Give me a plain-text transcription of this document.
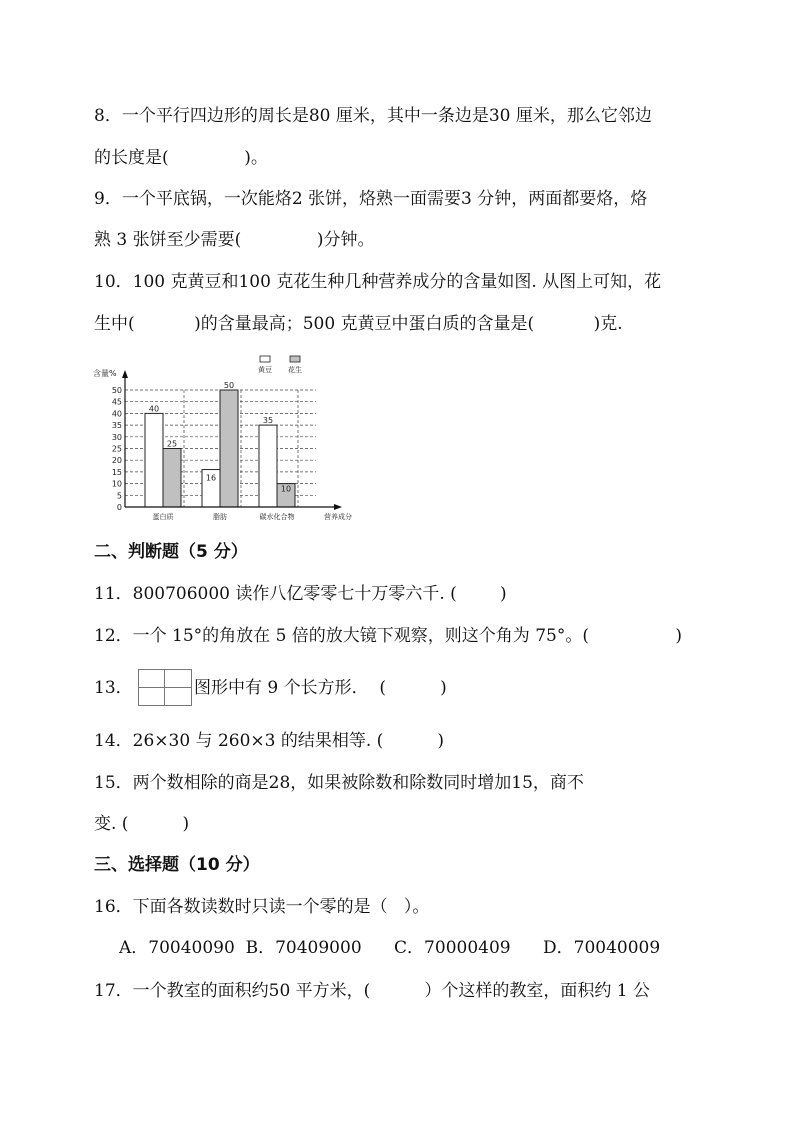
8．一个平行四边形的周长是80 厘米，其中一条边是30 厘米，那么它邻边
的长度是(              )。
9．一个平底锅，一次能烙2 张饼，烙熟一面需要3 分钟，两面都要烙，烙
熟 3 张饼至少需要(              )分钟。
10．100 克黄豆和100 克花生种几种营养成分的含量如图. 从图上可知，花
生中(           )的含量最高；500 克黄豆中蛋白质的含量是(           )克.
0
5
10
15
20
25
30
35
40
45
50
40
25
蛋白质
16
50
脂肪
35
10
碳水化合物
含量%
营养成分
黄豆 花生
二、判断题（5 分）
11．800706000 读作八亿零零七十万零六千. (        )
12．一个 15°的角放在 5 倍的放大镜下观察，则这个角为 75°。(                )
13．	图形中有 9 个长方形．  (          )
14．26×30 与 260×3 的结果相等. (          )
15．两个数相除的商是28，如果被除数和除数同时增加15，商不
变. (          )
三、选择题（10 分）
16．下面各数读数时只读一个零的是（   ）。
A．70040090  B．70409000      C．70000409      D．70040009
17．一个教室的面积约50 平方米，(          ）个这样的教室，面积约 1 公
